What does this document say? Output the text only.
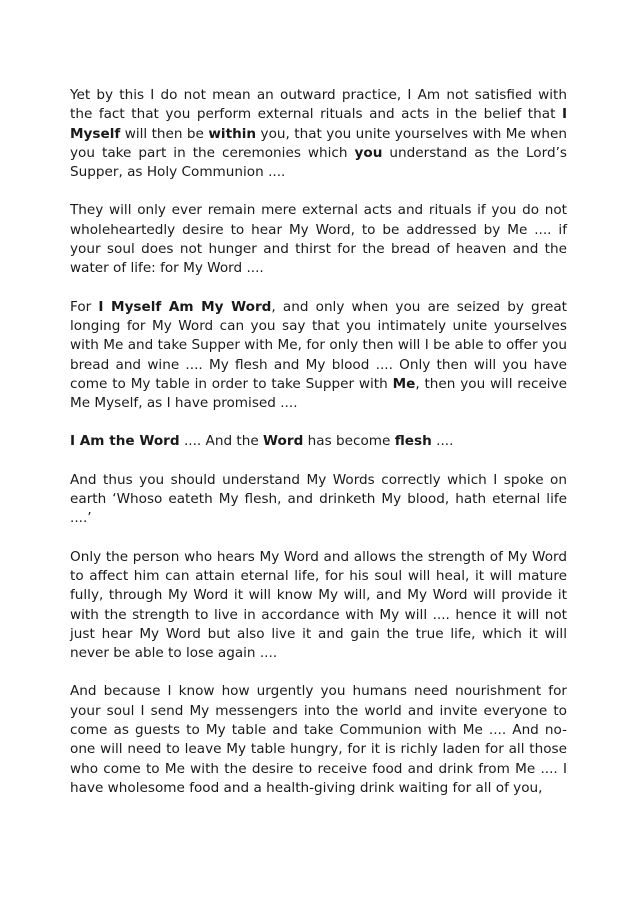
Yet by this I do not mean an outward practice, I Am not satisfied with the fact that you perform external rituals and acts in the belief that I Myself will then be within you, that you unite yourselves with Me when you take part in the ceremonies which you understand as the Lord’s Supper, as Holy Communion ....

They will only ever remain mere external acts and rituals if you do not wholeheartedly desire to hear My Word, to be addressed by Me .... if your soul does not hunger and thirst for the bread of heaven and the water of life: for My Word ....

For I Myself Am My Word, and only when you are seized by great longing for My Word can you say that you intimately unite yourselves with Me and take Supper with Me, for only then will I be able to offer you bread and wine .... My flesh and My blood .... Only then will you have come to My table in order to take Supper with Me, then you will receive Me Myself, as I have promised ....

I Am the Word .... And the Word has become flesh ....

And thus you should understand My Words correctly which I spoke on earth ‘Whoso eateth My flesh, and drinketh My blood, hath eternal life ....’

Only the person who hears My Word and allows the strength of My Word to affect him can attain eternal life, for his soul will heal, it will mature fully, through My Word it will know My will, and My Word will provide it with the strength to live in accordance with My will .... hence it will not just hear My Word but also live it and gain the true life, which it will never be able to lose again ....

And because I know how urgently you humans need nourishment for your soul I send My messengers into the world and invite everyone to come as guests to My table and take Communion with Me .... And no-one will need to leave My table hungry, for it is richly laden for all those who come to Me with the desire to receive food and drink from Me .... I have wholesome food and a health-giving drink waiting for all of you,
